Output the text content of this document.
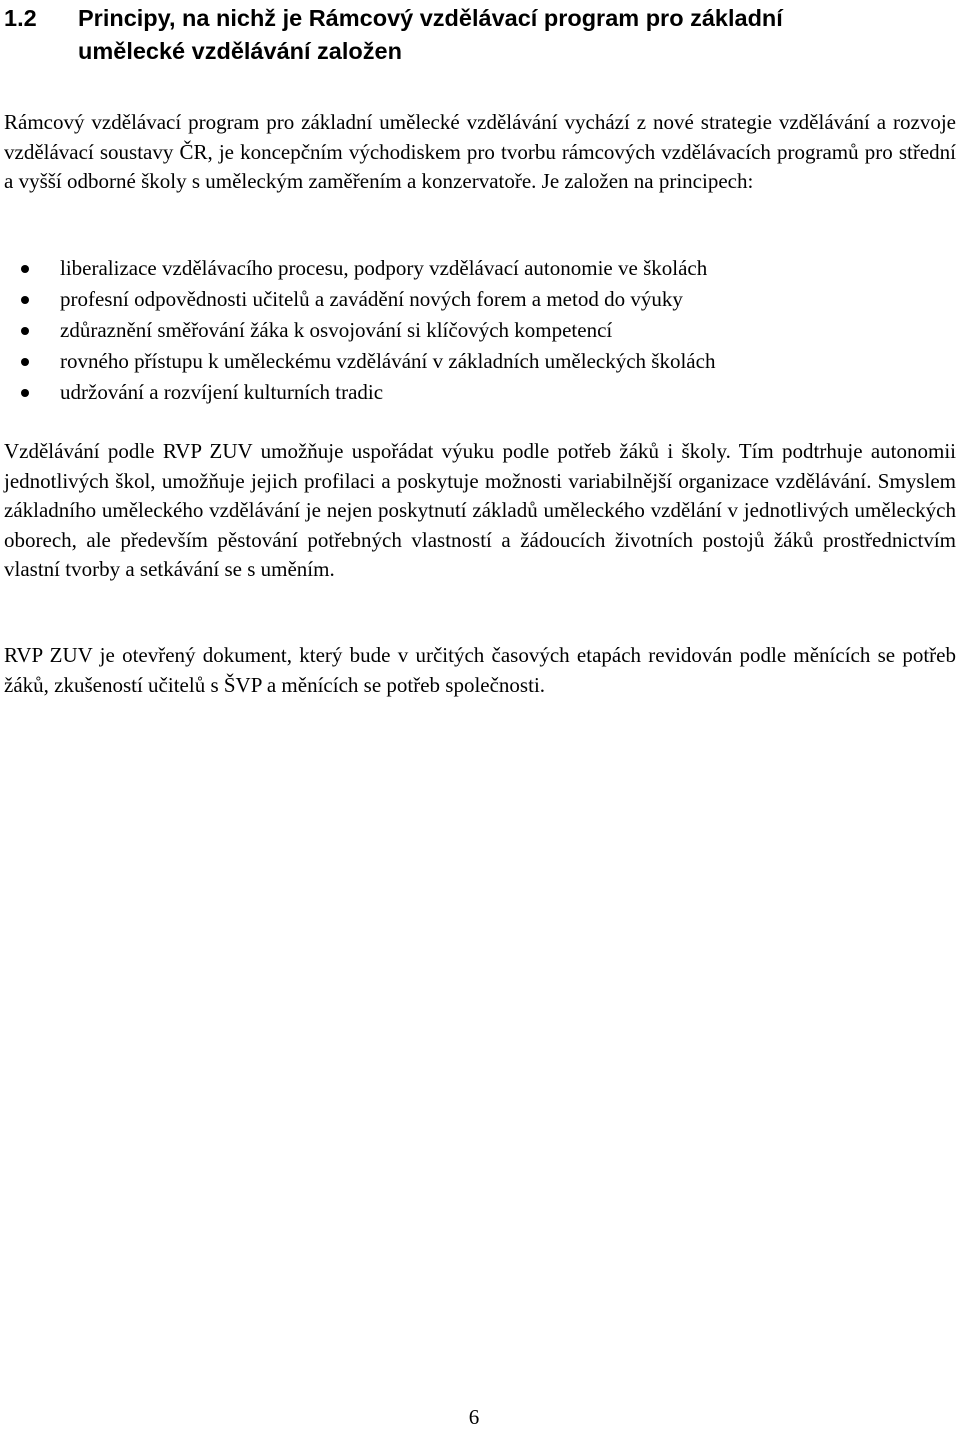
1.2 Principy, na nichž je Rámcový vzdělávací program pro základní
umělecké vzdělávání založen
Rámcový vzdělávací program pro základní umělecké vzdělávání vychází z nové strategie vzdělávání a rozvoje vzdělávací soustavy ČR, je koncepčním východiskem pro tvorbu rámcových vzdělávacích programů pro střední a vyšší odborné školy s uměleckým zaměřením a konzervatoře. Je založen na principech:
liberalizace vzdělávacího procesu, podpory vzdělávací autonomie ve školách
profesní odpovědnosti učitelů a zavádění nových forem a metod do výuky
zdůraznění směřování žáka k osvojování si klíčových kompetencí
rovného přístupu k uměleckému vzdělávání v základních uměleckých školách
udržování a rozvíjení kulturních tradic
Vzdělávání podle RVP ZUV umožňuje uspořádat výuku podle potřeb žáků i školy. Tím podtrhuje autonomii jednotlivých škol, umožňuje jejich profilaci a poskytuje možnosti variabilnější organizace vzdělávání. Smyslem základního uměleckého vzdělávání je nejen poskytnutí základů uměleckého vzdělání v jednotlivých uměleckých oborech, ale především pěstování potřebných vlastností a žádoucích životních postojů žáků prostřednictvím vlastní tvorby a setkávání se s uměním.
RVP ZUV je otevřený dokument, který bude v určitých časových etapách revidován podle měnících se potřeb žáků, zkušeností učitelů s ŠVP a měnících se potřeb společnosti.
6
